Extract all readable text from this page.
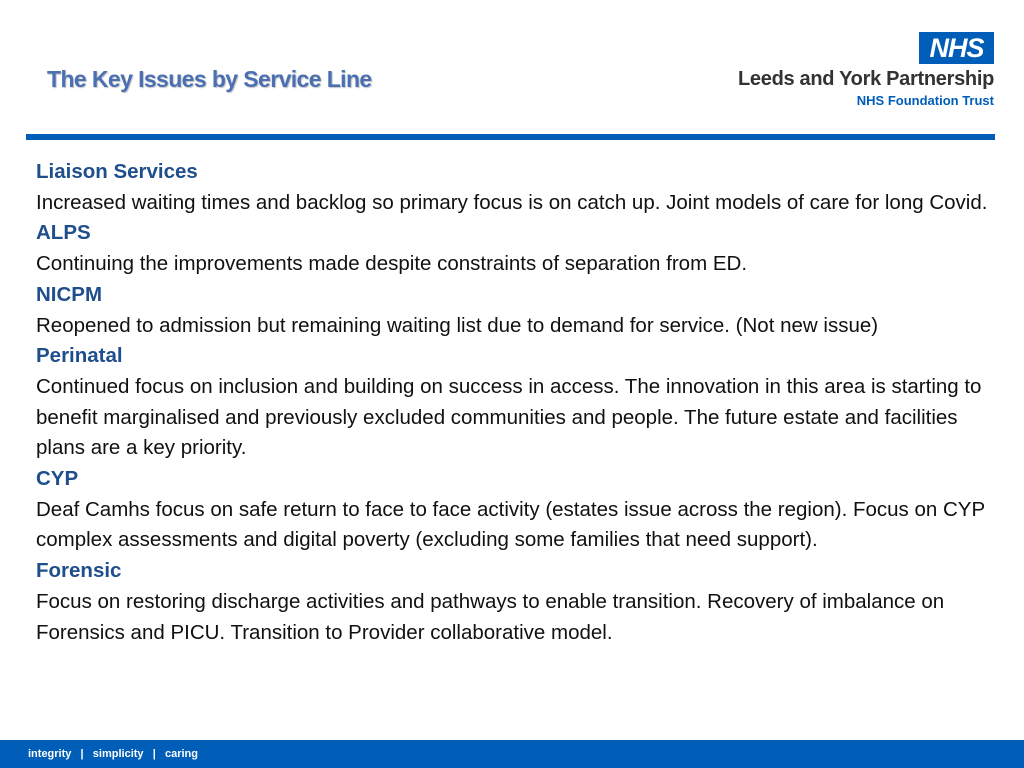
The Key Issues by Service Line
NHS
Leeds and York Partnership
NHS Foundation Trust
Liaison Services
Increased waiting times and backlog so primary focus is on catch up. Joint models of care for long Covid.
ALPS
Continuing the improvements made despite constraints of separation from ED.
NICPM
Reopened to admission but remaining waiting list due to demand for service. (Not new issue)
Perinatal
Continued focus on inclusion and building on success in access. The innovation in this area is starting to benefit marginalised and previously excluded communities and people. The future estate and facilities plans are a key priority.
CYP
Deaf Camhs focus on safe return to face to face activity (estates issue across the region). Focus on CYP complex assessments and digital poverty (excluding some families that need support).
Forensic
Focus on restoring discharge activities and pathways to enable transition. Recovery of imbalance on Forensics and PICU. Transition to Provider collaborative model.
integrity   |   simplicity   |   caring
